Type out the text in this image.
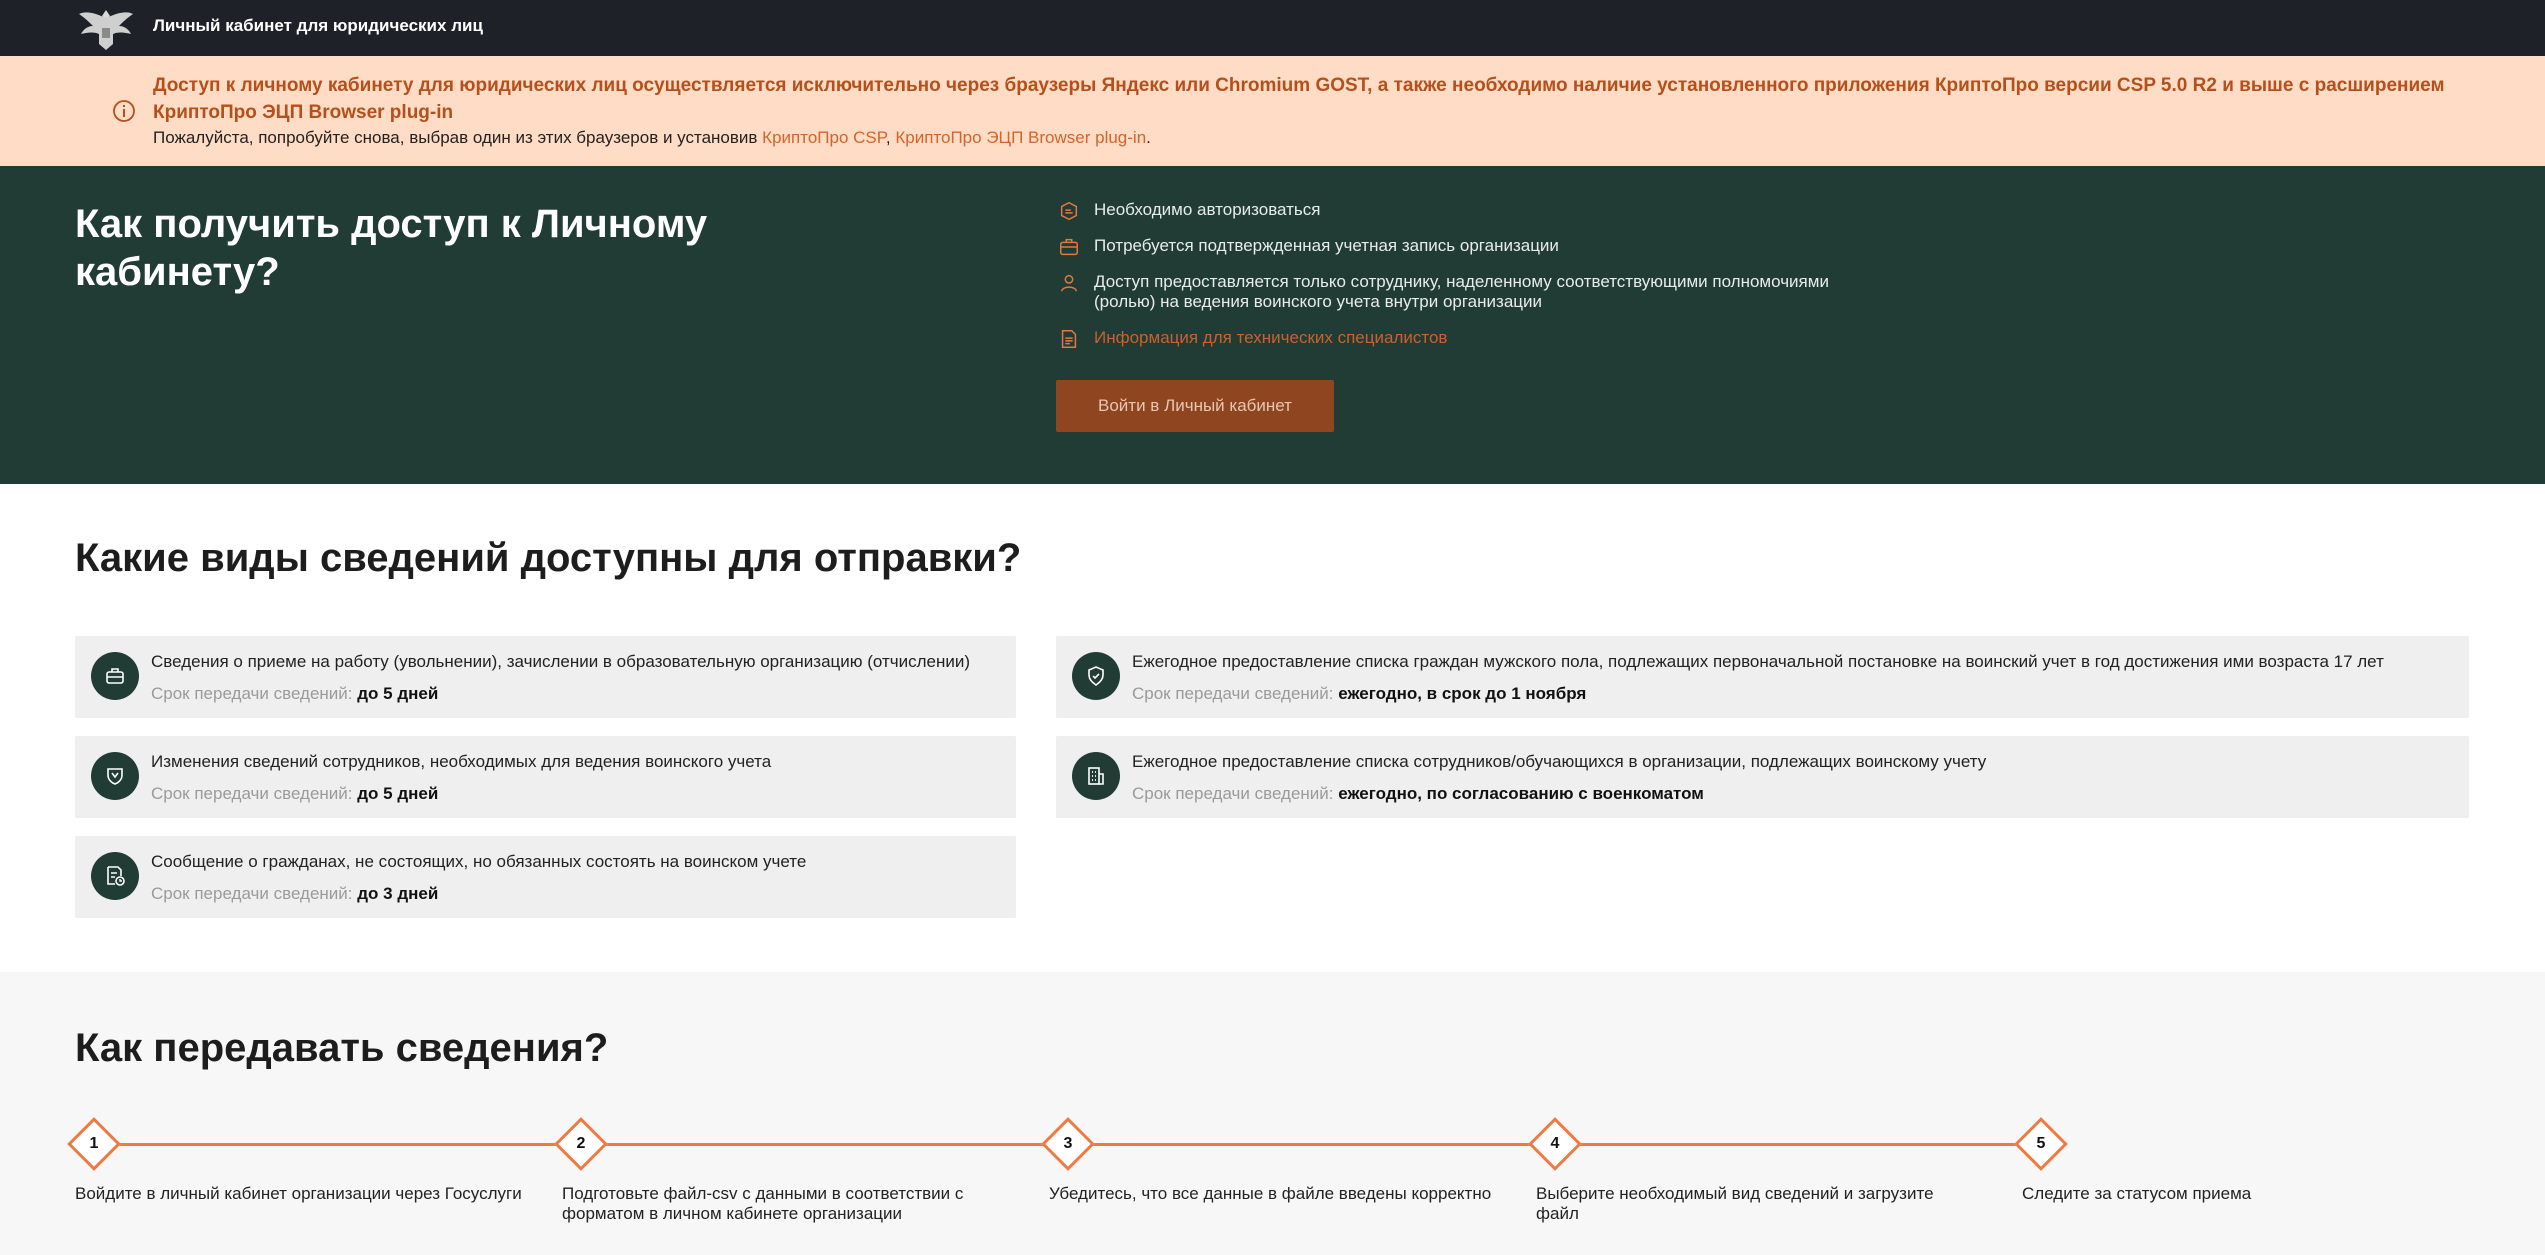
Личный кабинет для юридических лиц
Доступ к личному кабинету для юридических лиц осуществляется исключительно через браузеры Яндекс или Chromium GOST, а также необходимо наличие установленного приложения КриптоПро версии CSP 5.0 R2 и выше с расширением КриптоПро ЭЦП Browser plug-in
Пожалуйста, попробуйте снова, выбрав один из этих браузеров и установив КриптоПро CSP, КриптоПро ЭЦП Browser plug-in.
Как получить доступ к Личному кабинету?
Необходимо авторизоваться
Потребуется подтвержденная учетная запись организации
Доступ предоставляется только сотруднику, наделенному соответствующими полномочиями (ролью) на ведения воинского учета внутри организации
Информация для технических специалистов
Войти в Личный кабинет
Какие виды сведений доступны для отправки?
Сведения о приеме на работу (увольнении), зачислении в образовательную организацию (отчислении)
Срок передачи сведений: до 5 дней
Изменения сведений сотрудников, необходимых для ведения воинского учета
Срок передачи сведений: до 5 дней
Сообщение о гражданах, не состоящих, но обязанных состоять на воинском учете
Срок передачи сведений: до 3 дней
Ежегодное предоставление списка граждан мужского пола, подлежащих первоначальной постановке на воинский учет в год достижения ими возраста 17 лет
Срок передачи сведений: ежегодно, в срок до 1 ноября
Ежегодное предоставление списка сотрудников/обучающихся в организации, подлежащих воинскому учету
Срок передачи сведений: ежегодно, по согласованию с военкоматом
Как передавать сведения?
1
Войдите в личный кабинет организации через Госуслуги
2
Подготовьте файл-csv с данными в соответствии с форматом в личном кабинете организации
3
Убедитесь, что все данные в файле введены корректно
4
Выберите необходимый вид сведений и загрузите файл
5
Следите за статусом приема
